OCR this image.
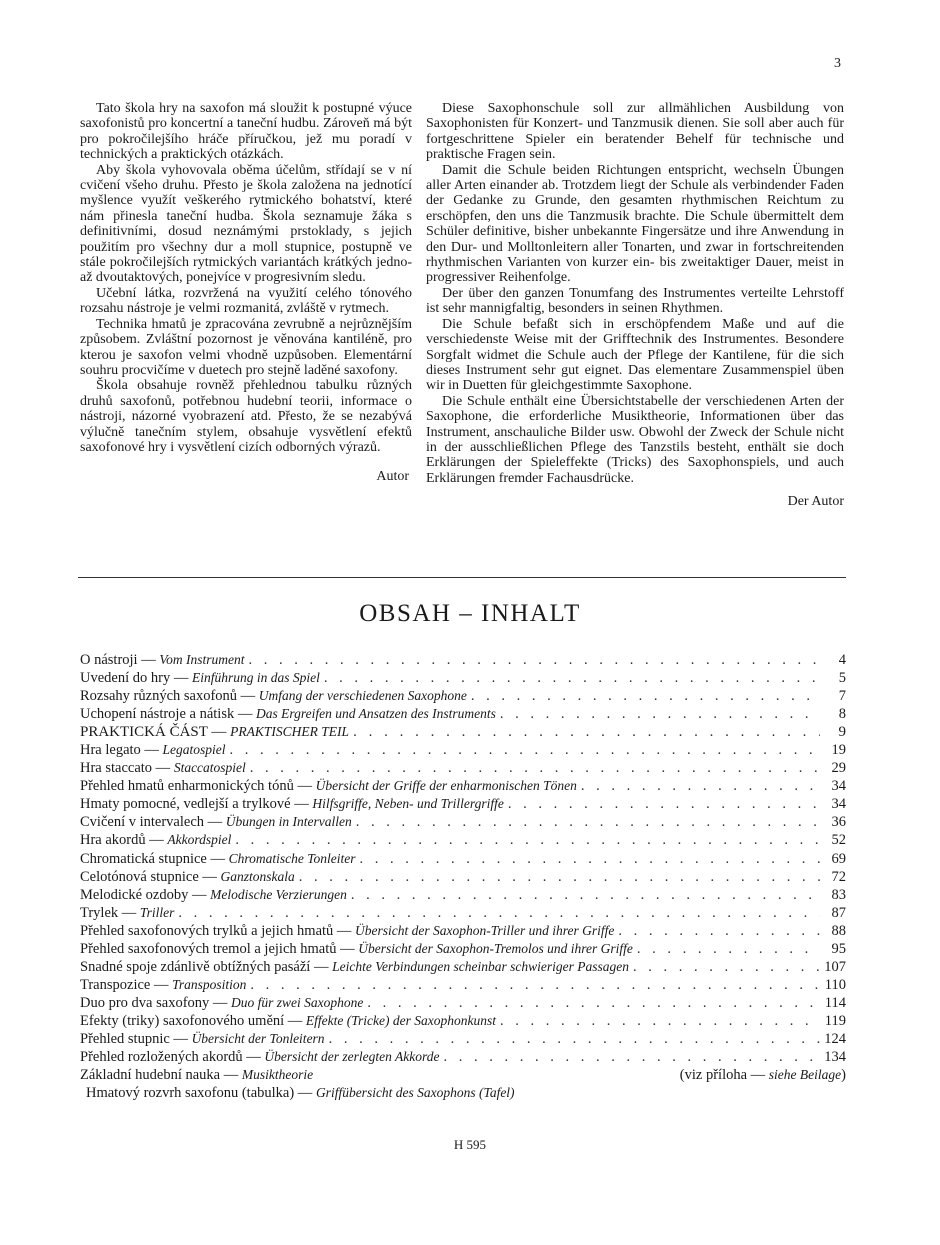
3

Tato škola hry na saxofon má sloužit k postupné výuce saxofonistů pro koncertní a taneční hudbu. Zároveň má být pro pokročilejšího hráče příručkou, jež mu poradí v technických a praktických otázkách.

Aby škola vyhovovala oběma účelům, střídají se v ní cvičení všeho druhu. Přesto je škola založena na jednotící myšlence využít veškerého rytmického bohatství, které nám přinesla taneční hudba. Škola seznamuje žáka s definitivními, dosud neznámými prstoklady, s jejich použitím pro všechny dur a moll stupnice, postupně ve stále pokročilejších rytmických variantách krátkých jedno- až dvoutaktových, ponejvíce v progresivním sledu.

Učební látka, rozvržená na využití celého tónového rozsahu nástroje je velmi rozmanitá, zvláště v rytmech.

Technika hmatů je zpracována zevrubně a nejrůznějším způsobem. Zvláštní pozornost je věnována kantiléně, pro kterou je saxofon velmi vhodně uzpůsoben. Elementární souhru procvičíme v duetech pro stejně laděné saxofony.

Škola obsahuje rovněž přehlednou tabulku různých druhů saxofonů, potřebnou hudební teorii, informace o nástroji, názorné vyobrazení atd. Přesto, že se nezabývá výlučně tanečním stylem, obsahuje vysvětlení efektů saxofonové hry i vysvětlení cizích odborných výrazů.

Autor

Diese Saxophonschule soll zur allmählichen Ausbildung von Saxophonisten für Konzert- und Tanzmusik dienen. Sie soll aber auch für fortgeschrittene Spieler ein beratender Behelf für technische und praktische Fragen sein.

Damit die Schule beiden Richtungen entspricht, wechseln Übungen aller Arten einander ab. Trotzdem liegt der Schule als verbindender Faden der Gedanke zu Grunde, den gesamten rhythmischen Reichtum zu erschöpfen, den uns die Tanzmusik brachte. Die Schule übermittelt dem Schüler definitive, bisher unbekannte Fingersätze und ihre Anwendung in den Dur- und Molltonleitern aller Tonarten, und zwar in fortschreitenden rhythmischen Varianten von kurzer ein- bis zweitaktiger Dauer, meist in progressiver Reihenfolge.

Der über den ganzen Tonumfang des Instrumentes verteilte Lehrstoff ist sehr mannigfaltig, besonders in seinen Rhythmen.

Die Schule befaßt sich in erschöpfendem Maße und auf die verschiedenste Weise mit der Grifftechnik des Instrumentes. Besondere Sorgfalt widmet die Schule auch der Pflege der Kantilene, für die sich dieses Instrument sehr gut eignet. Das elementare Zusammenspiel üben wir in Duetten für gleichgestimmte Saxophone.

Die Schule enthält eine Übersichtstabelle der verschiedenen Arten der Saxophone, die erforderliche Musiktheorie, Informationen über das Instrument, anschauliche Bilder usw. Obwohl der Zweck der Schule nicht in der ausschließlichen Pflege des Tanzstils besteht, enthält sie doch Erklärungen der Spieleffekte (Tricks) des Saxophonspiels, und auch Erklärungen fremder Fachausdrücke.

Der Autor
OBSAH – INHALT
O nástroji — Vom Instrument . . .	4
Uvedení do hry — Einführung in das Spiel . . .	5
Rozsahy různých saxofonů — Umfang der verschiedenen Saxophone . . .	7
Uchopení nástroje a nátisk — Das Ergreifen und Ansatzen des Instruments . . .	8
PRAKTICKÁ ČÁST — PRAKTISCHER TEIL . . .	9
Hra legato — Legatospiel . . .	19
Hra staccato — Staccatospiel . . .	29
Přehled hmatů enharmonických tónů — Übersicht der Griffe der enharmonischen Tönen . . .	34
Hmaty pomocné, vedlejší a trylkové — Hilfsgriffe, Neben- und Trillergriffe . . .	34
Cvičení v intervalech — Übungen in Intervallen . . .	36
Hra akordů — Akkordspiel . . .	52
Chromatická stupnice — Chromatische Tonleiter . . .	69
Celotónová stupnice — Ganztonskala . . .	72
Melodické ozdoby — Melodische Verzierungen . . .	83
Trylek — Triller . . .	87
Přehled saxofonových trylků a jejich hmatů — Übersicht der Saxophon-Triller und ihrer Griffe . . .	88
Přehled saxofonových tremol a jejich hmatů — Übersicht der Saxophon-Tremolos und ihrer Griffe . . .	95
Snadné spoje zdánlivě obtížných pasáží — Leichte Verbindungen scheinbar schwieriger Passagen . . .	107
Transpozice — Transposition . . .	110
Duo pro dva saxofony — Duo für zwei Saxophone . . .	114
Efekty (triky) saxofonového umění — Effekte (Tricke) der Saxophonkunst . . .	119
Přehled stupnic — Übersicht der Tonleitern . . .	124
Přehled rozložených akordů — Übersicht der zerlegten Akkorde . . .	134
Základní hudební nauka — Musiktheorie	(viz příloha — siehe Beilage)
Hmatový rozvrh saxofonu (tabulka) — Griffübersicht des Saxophons (Tafel)
H 595
